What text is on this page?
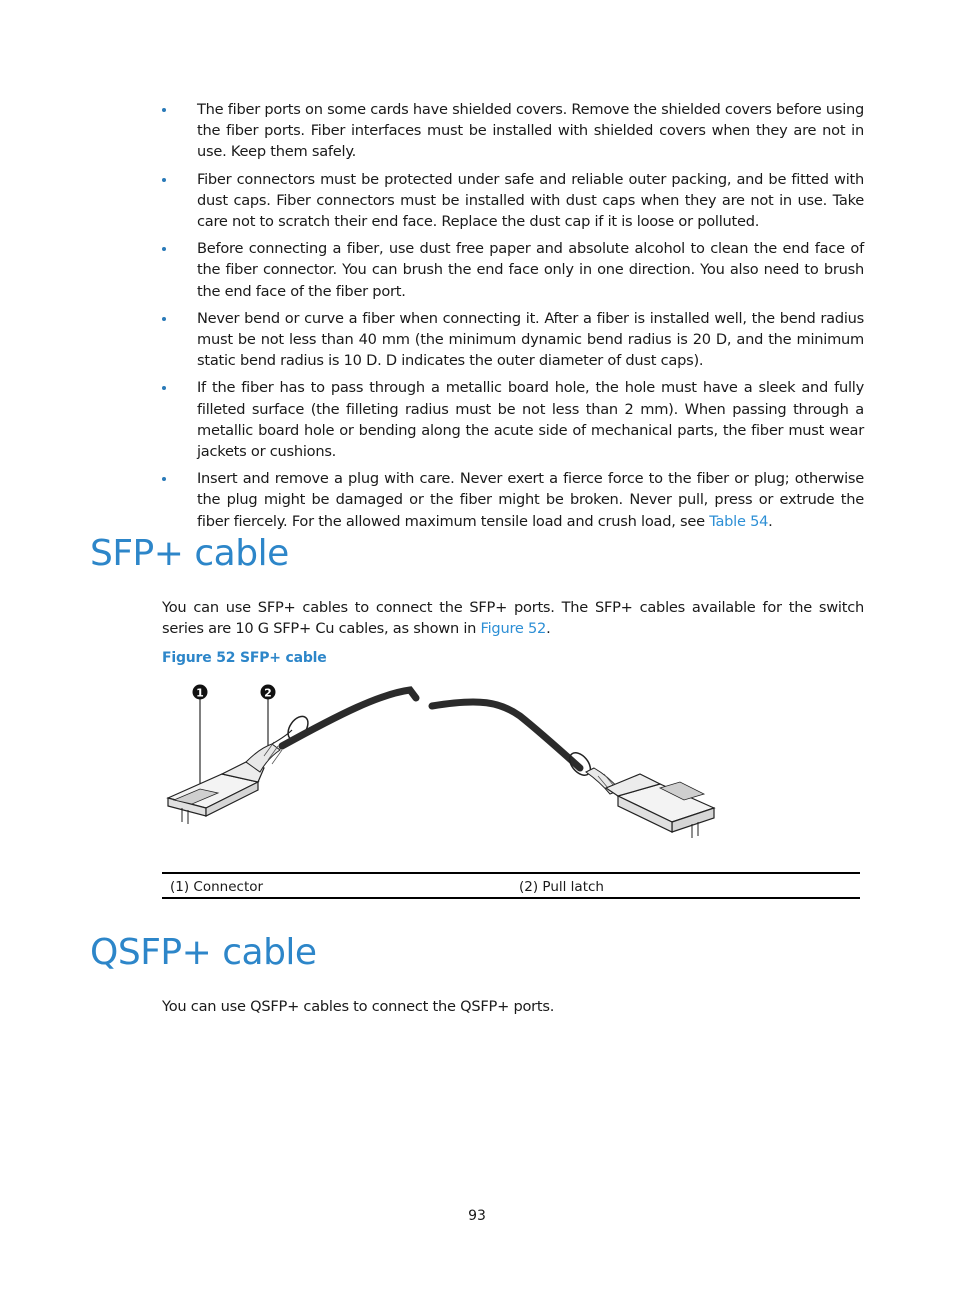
The fiber ports on some cards have shielded covers. Remove the shielded covers before using the fiber ports. Fiber interfaces must be installed with shielded covers when they are not in use. Keep them safely.
Fiber connectors must be protected under safe and reliable outer packing, and be fitted with dust caps. Fiber connectors must be installed with dust caps when they are not in use. Take care not to scratch their end face. Replace the dust cap if it is loose or polluted.
Before connecting a fiber, use dust free paper and absolute alcohol to clean the end face of the fiber connector. You can brush the end face only in one direction. You also need to brush the end face of the fiber port.
Never bend or curve a fiber when connecting it. After a fiber is installed well, the bend radius must be not less than 40 mm (the minimum dynamic bend radius is 20 D, and the minimum static bend radius is 10 D. D indicates the outer diameter of dust caps).
If the fiber has to pass through a metallic board hole, the hole must have a sleek and fully filleted surface (the filleting radius must be not less than 2 mm). When passing through a metallic board hole or bending along the acute side of mechanical parts, the fiber must wear jackets or cushions.
Insert and remove a plug with care. Never exert a fierce force to the fiber or plug; otherwise the plug might be damaged or the fiber might be broken. Never pull, press or extrude the fiber fiercely. For the allowed maximum tensile load and crush load, see Table 54.
SFP+ cable

You can use SFP+ cables to connect the SFP+ ports. The SFP+ cables available for the switch series are 10 G SFP+ Cu cables, as shown in Figure 52.

Figure 52 SFP+ cable

1	2
(1) Connector	(2) Pull latch
QSFP+ cable

You can use QSFP+ cables to connect the QSFP+ ports.

93
